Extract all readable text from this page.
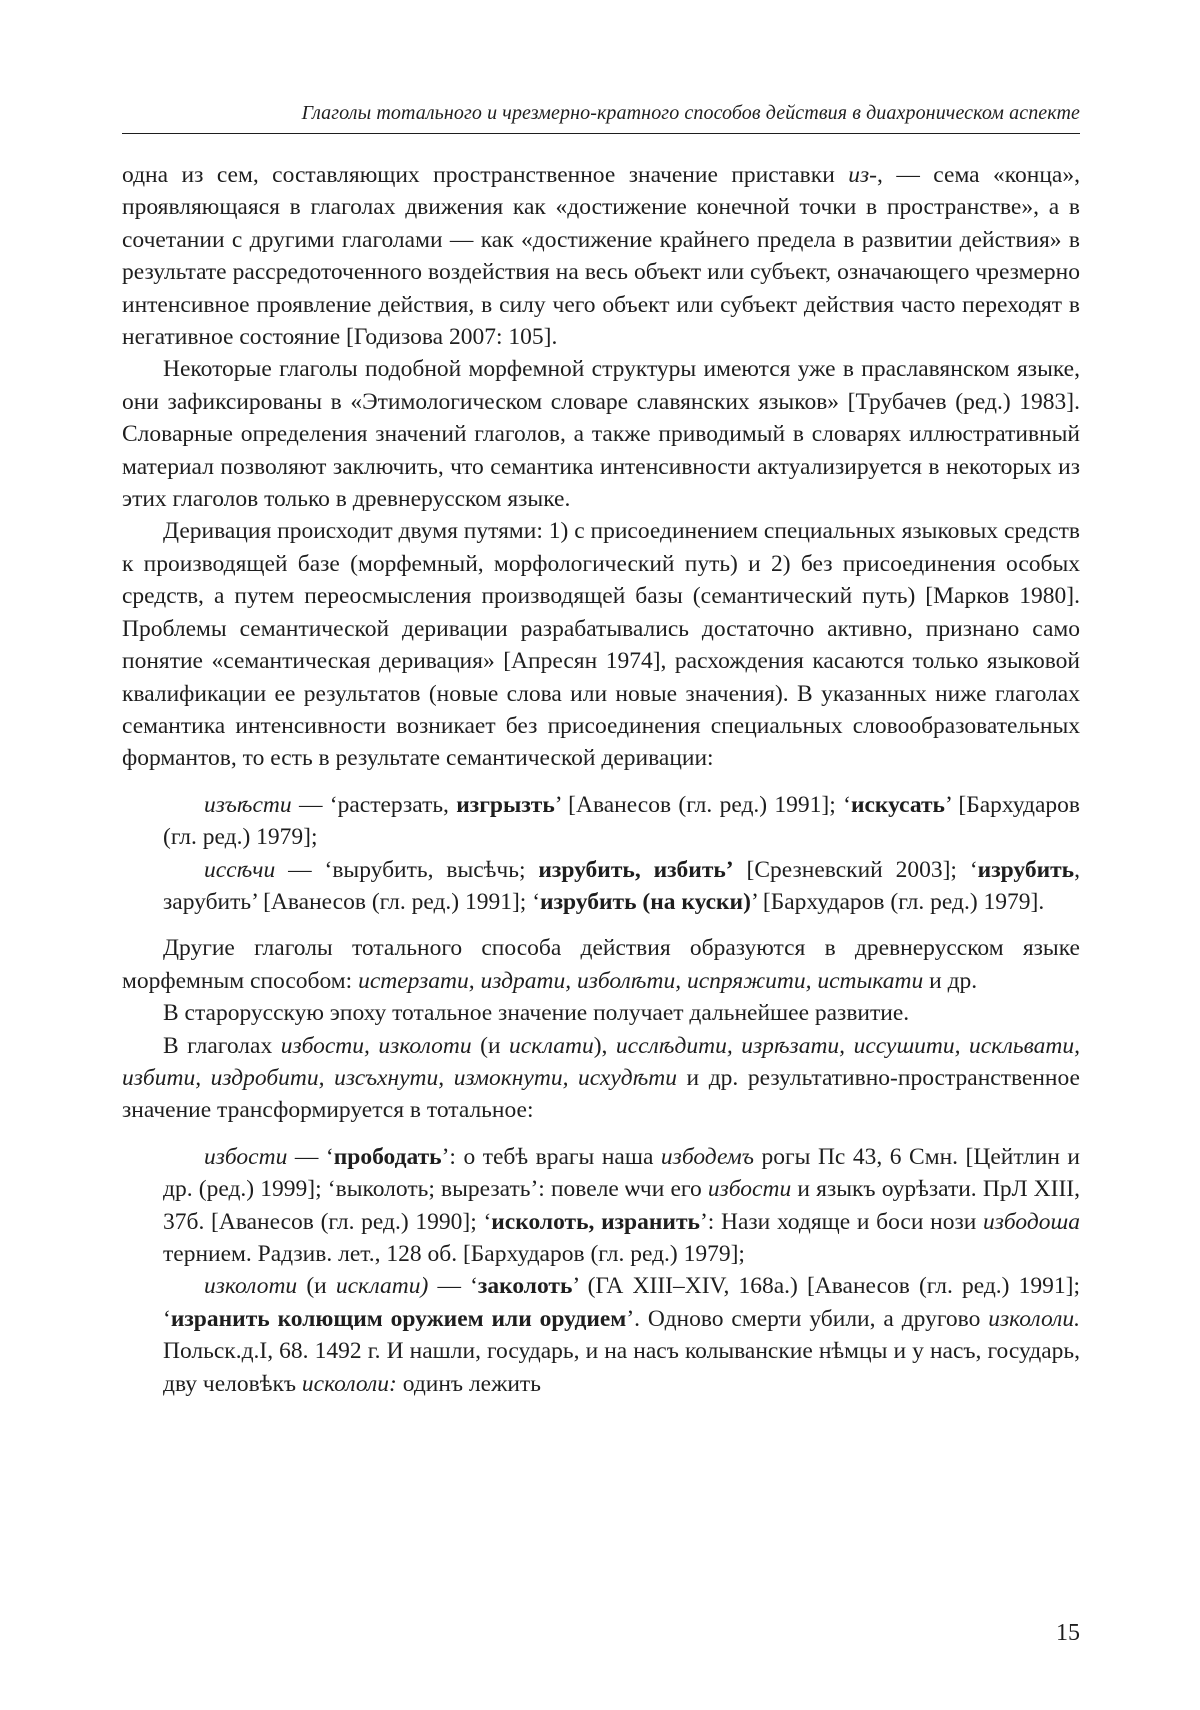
Глаголы тотального и чрезмерно-кратного способов действия в диахроническом аспекте

одна из сем, составляющих пространственное значение приставки из-, — сема «конца», проявляющаяся в глаголах движения как «достижение конечной точки в пространстве», а в сочетании с другими глаголами — как «достижение крайнего предела в развитии действия» в результате рассредоточенного воздействия на весь объект или субъект, означающего чрезмерно интенсивное проявление действия, в силу чего объект или субъект действия часто переходят в негативное состояние [Годизова 2007: 105].

Некоторые глаголы подобной морфемной структуры имеются уже в праславянском языке, они зафиксированы в «Этимологическом словаре славянских языков» [Трубачев (ред.) 1983]. Словарные определения значений глаголов, а также приводимый в словарях иллюстративный материал позволяют заключить, что семантика интенсивности актуализируется в некоторых из этих глаголов только в древнерусском языке.

Деривация происходит двумя путями: 1) с присоединением специальных языковых средств к производящей базе (морфемный, морфологический путь) и 2) без присоединения особых средств, а путем переосмысления производящей базы (семантический путь) [Марков 1980]. Проблемы семантической деривации разрабатывались достаточно активно, признано само понятие «семантическая деривация» [Апресян 1974], расхождения касаются только языковой квалификации ее результатов (новые слова или новые значения). В указанных ниже глаголах семантика интенсивности возникает без присоединения специальных словообразовательных формантов, то есть в результате семантической деривации:

изъѣсти — ‘растерзать, изгрызть’ [Аванесов (гл. ред.) 1991]; ‘искусать’ [Бархударов (гл. ред.) 1979];

иссѣчи — ‘вырубить, высѣчь; изрубить, избить’ [Срезневский 2003]; ‘изрубить, зарубить’ [Аванесов (гл. ред.) 1991]; ‘изрубить (на куски)’ [Бархударов (гл. ред.) 1979].

Другие глаголы тотального способа действия образуются в древнерусском языке морфемным способом: истерзати, издрати, изболѣти, испряжити, истыкати и др.

В старорусскую эпоху тотальное значение получает дальнейшее развитие.

В глаголах избости, изколоти (и исклати), исслѣдити, изрѣзати, иссушити, искльвати, избити, издробити, изсъхнути, измокнути, исхудѣти и др. результативно-пространственное значение трансформируется в тотальное:

избости — ‘прободать’: о тебѣ врагы наша избодемъ рогы Пс 43, 6 Смн. [Цейтлин и др. (ред.) 1999]; ‘выколоть; вырезать’: повеле ѡчи его избости и языкъ оурѣзати. ПрЛ XIII, 37б. [Аванесов (гл. ред.) 1990]; ‘исколоть, изранить’: Нази ходяще и боси нози избодоша тернием. Радзив. лет., 128 об. [Бархударов (гл. ред.) 1979];

изколоти (и исклати) — ‘заколоть’ (ГА XIII–XIV, 168а.) [Аванесов (гл. ред.) 1991]; ‘изранить колющим оружием или орудием’. Одново смерти убили, а другово изкололи. Польск.д.I, 68. 1492 г. И нашли, государь, и на насъ колыванские нѣмцы и у насъ, государь, дву человѣкъ искололи: одинъ лежить

15
